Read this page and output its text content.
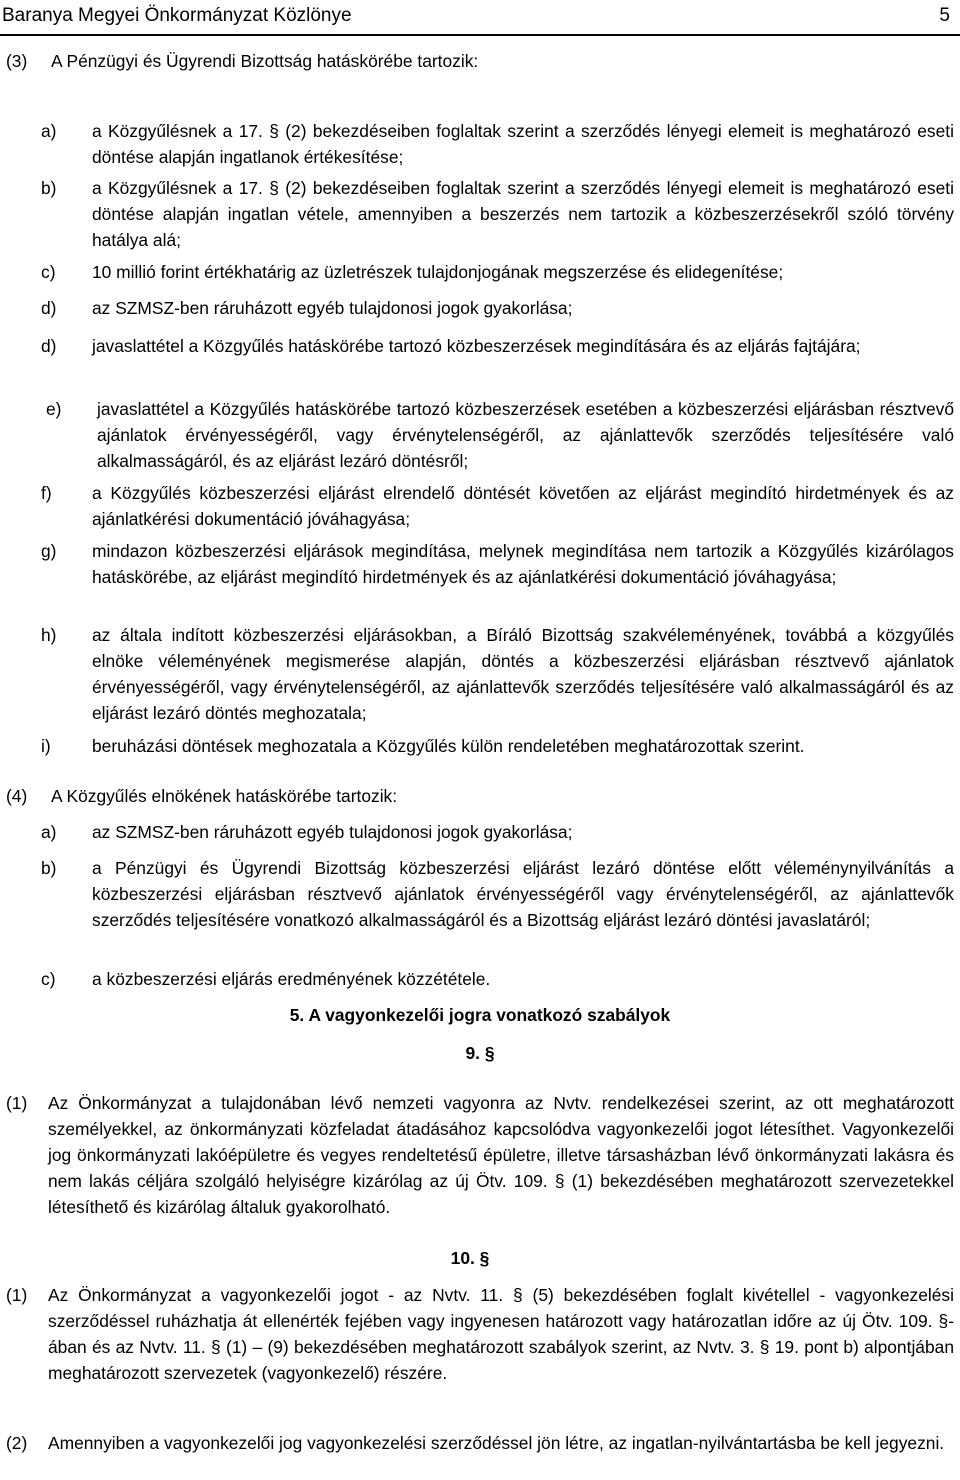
Baranya Megyei Önkormányzat Közlönye	5
(3) A Pénzügyi és Ügyrendi Bizottság hatáskörébe tartozik:

a) a Közgyűlésnek a 17. § (2) bekezdéseiben foglaltak szerint a szerződés lényegi elemeit is meghatározó eseti döntése alapján ingatlanok értékesítése;

b) a Közgyűlésnek a 17. § (2) bekezdéseiben foglaltak szerint a szerződés lényegi elemeit is meghatározó eseti döntése alapján ingatlan vétele, amennyiben a beszerzés nem tartozik a közbeszerzésekről szóló törvény hatálya alá;

c) 10 millió forint értékhatárig az üzletrészek tulajdonjogának megszerzése és elidegenítése;

d) az SZMSZ-ben ráruházott egyéb tulajdonosi jogok gyakorlása;

d) javaslattétel a Közgyűlés hatáskörébe tartozó közbeszerzések megindítására és az eljárás fajtájára;

e) javaslattétel a Közgyűlés hatáskörébe tartozó közbeszerzések esetében a közbeszerzési eljárásban résztvevő ajánlatok érvényességéről, vagy érvénytelenségéről, az ajánlattevők szerződés teljesítésére való alkalmasságáról, és az eljárást lezáró döntésről;

f) a Közgyűlés közbeszerzési eljárást elrendelő döntését követően az eljárást megindító hirdetmények és az ajánlatkérési dokumentáció jóváhagyása;

g) mindazon közbeszerzési eljárások megindítása, melynek megindítása nem tartozik a Közgyűlés kizárólagos hatáskörébe, az eljárást megindító hirdetmények és az ajánlatkérési dokumentáció jóváhagyása;

h) az általa indított közbeszerzési eljárásokban, a Bíráló Bizottság szakvéleményének, továbbá a közgyűlés elnöke véleményének megismerése alapján, döntés a közbeszerzési eljárásban résztvevő ajánlatok érvényességéről, vagy érvénytelenségéről, az ajánlattevők szerződés teljesítésére való alkalmasságáról és az eljárást lezáró döntés meghozatala;

i) beruházási döntések meghozatala a Közgyűlés külön rendeletében meghatározottak szerint.

(4) A Közgyűlés elnökének hatáskörébe tartozik:

a) az SZMSZ-ben ráruházott egyéb tulajdonosi jogok gyakorlása;

b) a Pénzügyi és Ügyrendi Bizottság közbeszerzési eljárást lezáró döntése előtt véleménynyilvánítás a közbeszerzési eljárásban résztvevő ajánlatok érvényességéről vagy érvénytelenségéről, az ajánlattevők szerződés teljesítésére vonatkozó alkalmasságáról és a Bizottság eljárást lezáró döntési javaslatáról;

c) a közbeszerzési eljárás eredményének közzététele.

5. A vagyonkezelői jogra vonatkozó szabályok
9. §
(1) Az Önkormányzat a tulajdonában lévő nemzeti vagyonra az Nvtv. rendelkezései szerint, az ott meghatározott személyekkel, az önkormányzati közfeladat átadásához kapcsolódva vagyonkezelői jogot létesíthet. Vagyonkezelői jog önkormányzati lakóépületre és vegyes rendeltetésű épületre, illetve társasházban lévő önkormányzati lakásra és nem lakás céljára szolgáló helyiségre kizárólag az új Ötv. 109. § (1) bekezdésében meghatározott szervezetekkel létesíthető és kizárólag általuk gyakorolható.

10. §
(1) Az Önkormányzat a vagyonkezelői jogot - az Nvtv. 11. § (5) bekezdésében foglalt kivétellel - vagyonkezelési szerződéssel ruházhatja át ellenérték fejében vagy ingyenesen határozott vagy határozatlan időre az új Ötv. 109. §-ában és az Nvtv. 11. § (1) – (9) bekezdésében meghatározott szabályok szerint, az Nvtv. 3. § 19. pont b) alpontjában meghatározott szervezetek (vagyonkezelő) részére.

(2) Amennyiben a vagyonkezelői jog vagyonkezelési szerződéssel jön létre, az ingatlan-nyilvántartásba be kell jegyezni.
